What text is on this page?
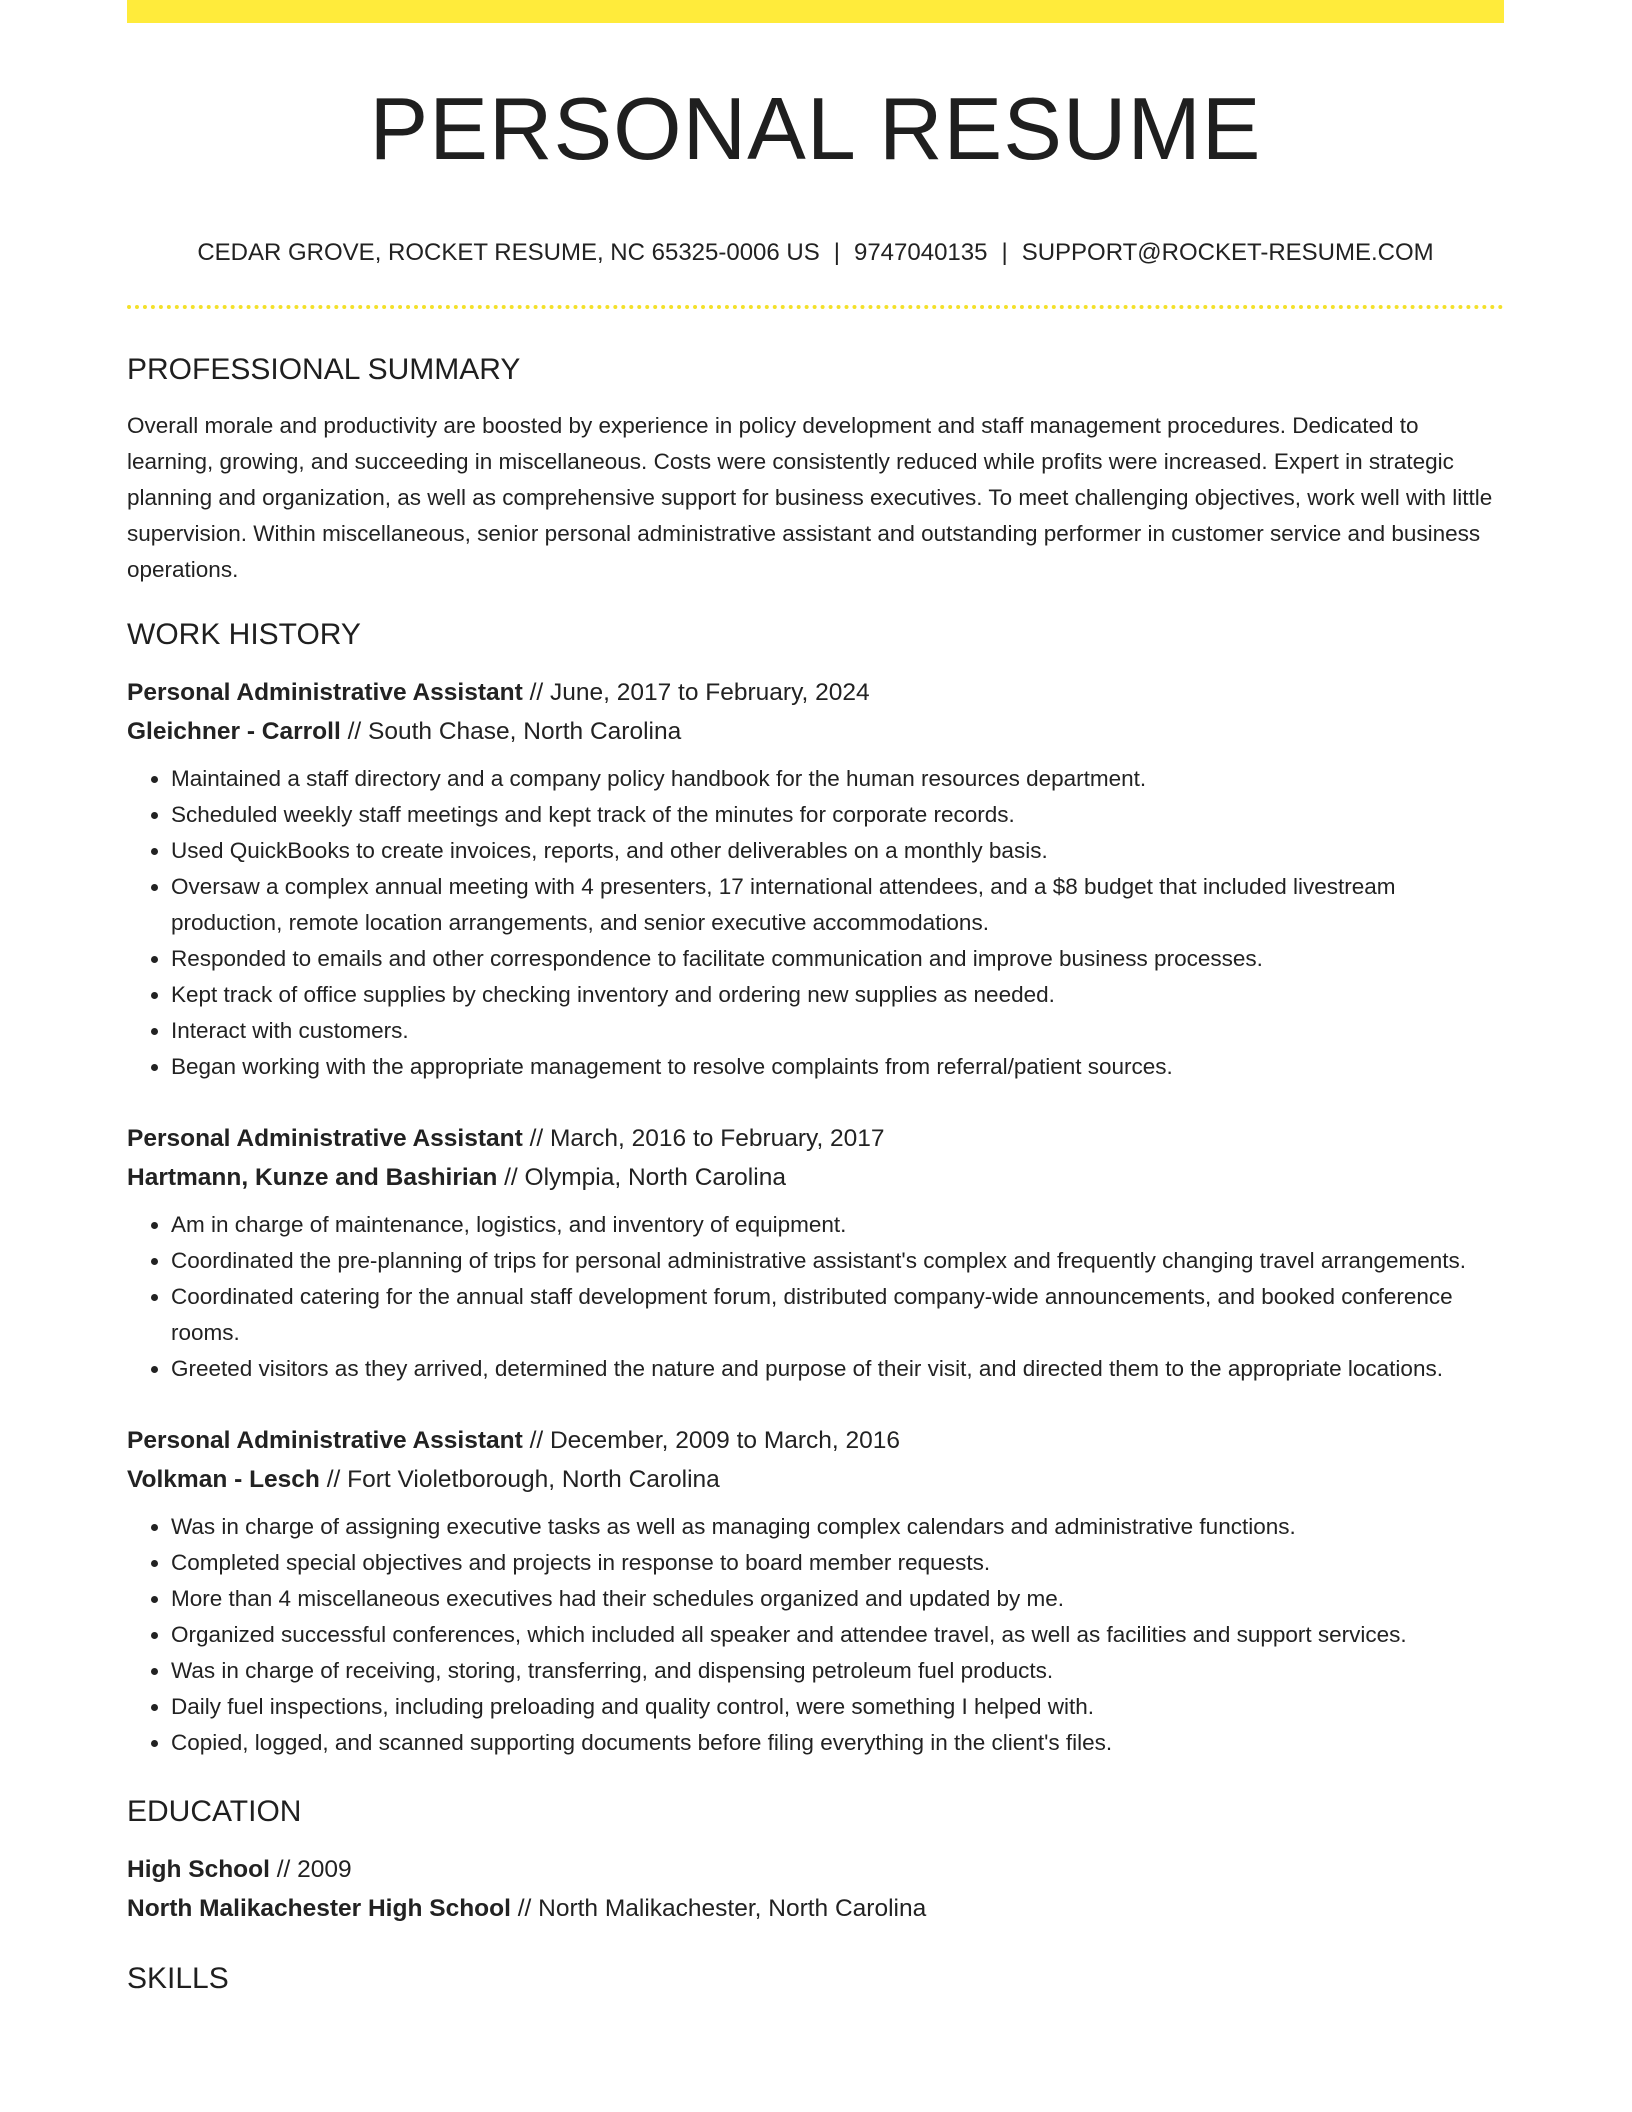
PERSONAL RESUME
CEDAR GROVE, ROCKET RESUME, NC 65325-0006 US | 9747040135 | SUPPORT@ROCKET-RESUME.COM
PROFESSIONAL SUMMARY
Overall morale and productivity are boosted by experience in policy development and staff management procedures. Dedicated to learning, growing, and succeeding in miscellaneous. Costs were consistently reduced while profits were increased. Expert in strategic planning and organization, as well as comprehensive support for business executives. To meet challenging objectives, work well with little supervision. Within miscellaneous, senior personal administrative assistant and outstanding performer in customer service and business operations.
WORK HISTORY
Personal Administrative Assistant // June, 2017 to February, 2024
Gleichner - Carroll // South Chase, North Carolina
• Maintained a staff directory and a company policy handbook for the human resources department.
• Scheduled weekly staff meetings and kept track of the minutes for corporate records.
• Used QuickBooks to create invoices, reports, and other deliverables on a monthly basis.
• Oversaw a complex annual meeting with 4 presenters, 17 international attendees, and a $8 budget that included livestream production, remote location arrangements, and senior executive accommodations.
• Responded to emails and other correspondence to facilitate communication and improve business processes.
• Kept track of office supplies by checking inventory and ordering new supplies as needed.
• Interact with customers.
• Began working with the appropriate management to resolve complaints from referral/patient sources.
Personal Administrative Assistant // March, 2016 to February, 2017
Hartmann, Kunze and Bashirian // Olympia, North Carolina
• Am in charge of maintenance, logistics, and inventory of equipment.
• Coordinated the pre-planning of trips for personal administrative assistant's complex and frequently changing travel arrangements.
• Coordinated catering for the annual staff development forum, distributed company-wide announcements, and booked conference rooms.
• Greeted visitors as they arrived, determined the nature and purpose of their visit, and directed them to the appropriate locations.
Personal Administrative Assistant // December, 2009 to March, 2016
Volkman - Lesch // Fort Violetborough, North Carolina
• Was in charge of assigning executive tasks as well as managing complex calendars and administrative functions.
• Completed special objectives and projects in response to board member requests.
• More than 4 miscellaneous executives had their schedules organized and updated by me.
• Organized successful conferences, which included all speaker and attendee travel, as well as facilities and support services.
• Was in charge of receiving, storing, transferring, and dispensing petroleum fuel products.
• Daily fuel inspections, including preloading and quality control, were something I helped with.
• Copied, logged, and scanned supporting documents before filing everything in the client's files.
EDUCATION
High School // 2009
North Malikachester High School // North Malikachester, North Carolina
SKILLS
